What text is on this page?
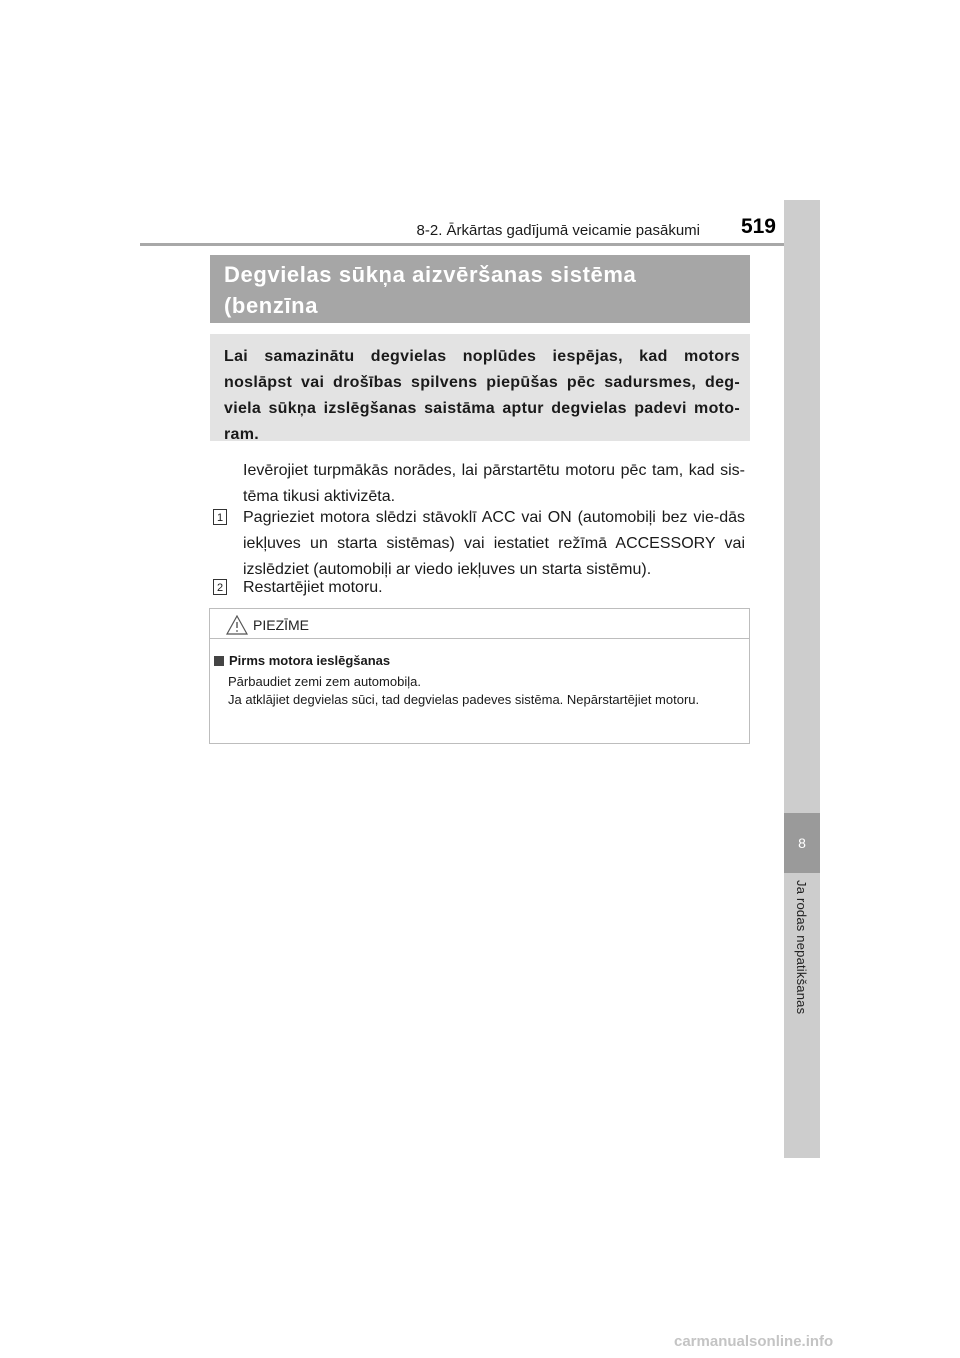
8-2. Ārkārtas gadījumā veicamie pasākumi	519
8
Ja rodas nepatikšanas
Degvielas sūkņa aizvēršanas sistēma (benzīna
Lai samazinātu degvielas noplūdes iespējas, kad motors noslāpst vai drošības spilvens piepūšas pēc sadursmes, deg-viela sūkņa izslēgšanas saistāma aptur degvielas padevi moto-ram.
Ievērojiet turpmākās norādes, lai pārstartētu motoru pēc tam, kad sis-tēma tikusi aktivizēta.
1 Pagrieziet motora slēdzi stāvoklī ACC vai ON (automobiļi bez vie-dās iekļuves un starta sistēmas) vai iestatiet režīmā ACCESSORY vai izslēdziet (automobiļi ar viedo iekļuves un starta sistēmu).
2 Restartējiet motoru.
PIEZĪME
Pirms motora ieslēgšanas
Pārbaudiet zemi zem automobiļa.
Ja atklājiet degvielas sūci, tad degvielas padeves sistēma. Nepārstartējiet motoru.
carmanualsonline.info
